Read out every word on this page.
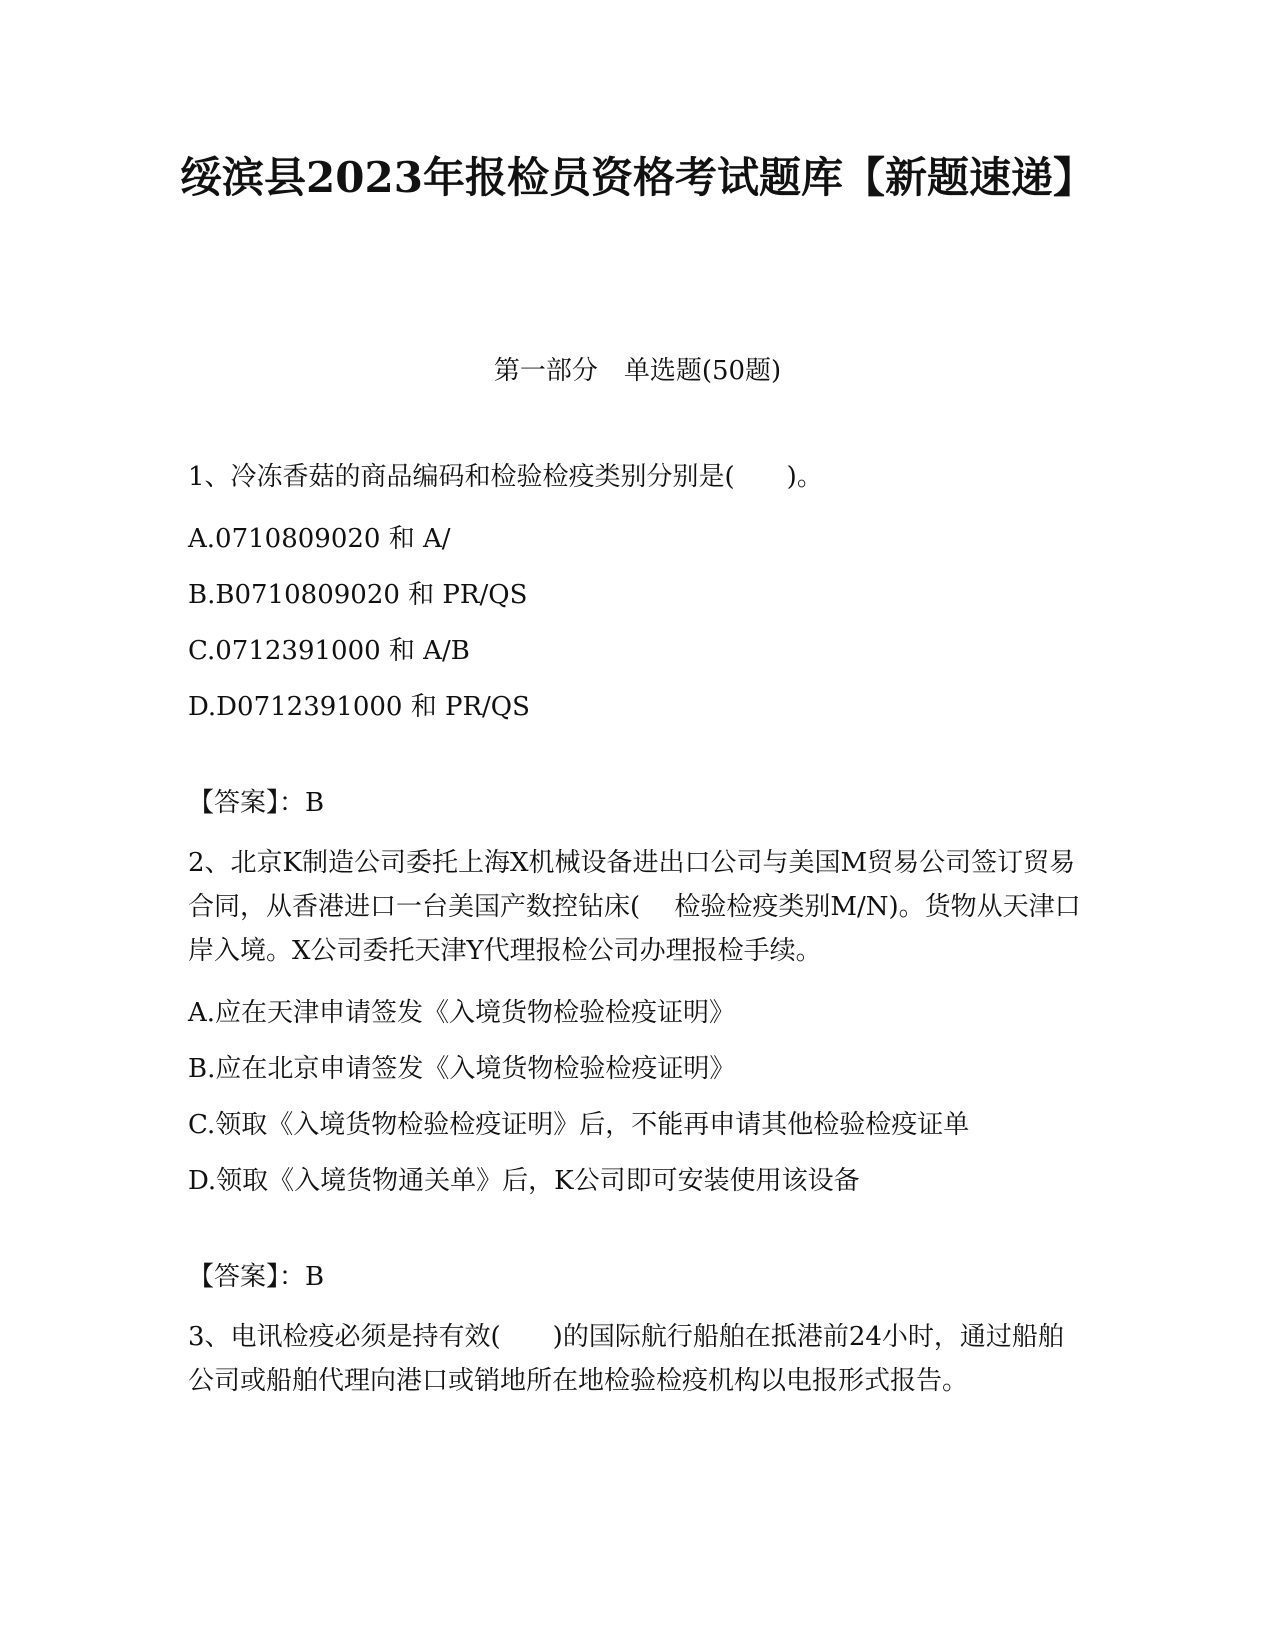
绥滨县2023年报检员资格考试题库【新题速递】
第一部分　单选题(50题)

1、冷冻香菇的商品编码和检验检疫类别分别是(　　)。

A.0710809020 和 A/

B.B0710809020 和 PR/QS

C.0712391000 和 A/B

D.D0712391000 和 PR/QS

【答案】：B

2、北京K制造公司委托上海X机械设备进出口公司与美国M贸易公司签订贸易合同，从香港进口一台美国产数控钻床(　 检验检疫类别M/N)。货物从天津口岸入境。X公司委托天津Y代理报检公司办理报检手续。

A.应在天津申请签发《入境货物检验检疫证明》

B.应在北京申请签发《入境货物检验检疫证明》

C.领取《入境货物检验检疫证明》后，不能再申请其他检验检疫证单

D.领取《入境货物通关单》后，K公司即可安装使用该设备

【答案】：B

3、电讯检疫必须是持有效(　　)的国际航行船舶在抵港前24小时，通过船舶公司或船舶代理向港口或销地所在地检验检疫机构以电报形式报告。
